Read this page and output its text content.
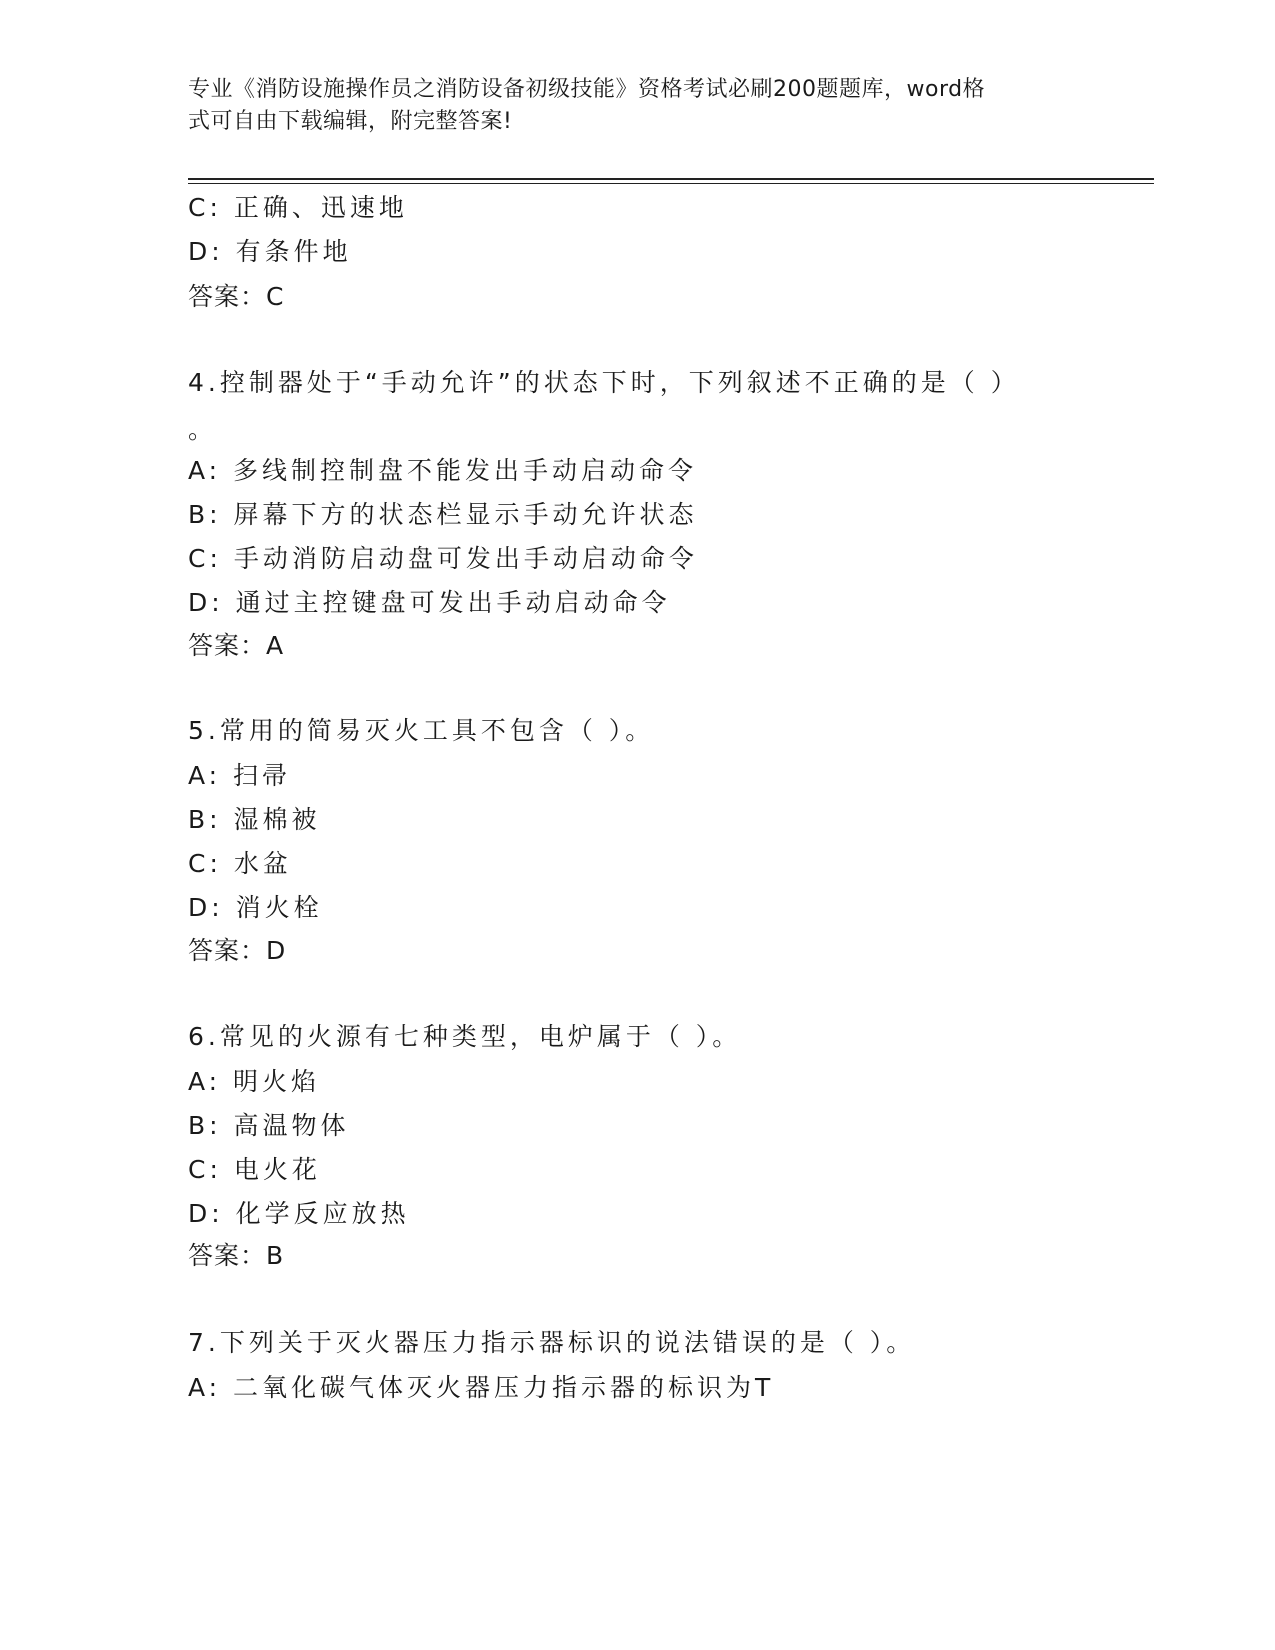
专业《消防设施操作员之消防设备初级技能》资格考试必刷200题题库，word格
式可自由下载编辑，附完整答案!
C: 正确、迅速地
D: 有条件地
答案：C
4.控制器处于“手动允许”的状态下时，下列叙述不正确的是（ ）
。
A: 多线制控制盘不能发出手动启动命令
B: 屏幕下方的状态栏显示手动允许状态
C: 手动消防启动盘可发出手动启动命令
D: 通过主控键盘可发出手动启动命令
答案：A
5.常用的简易灭火工具不包含（ ）。
A: 扫帚
B: 湿棉被
C: 水盆
D: 消火栓
答案：D
6.常见的火源有七种类型，电炉属于（ ）。
A: 明火焰
B: 高温物体
C: 电火花
D: 化学反应放热
答案：B
7.下列关于灭火器压力指示器标识的说法错误的是（ ）。
A: 二氧化碳气体灭火器压力指示器的标识为T
